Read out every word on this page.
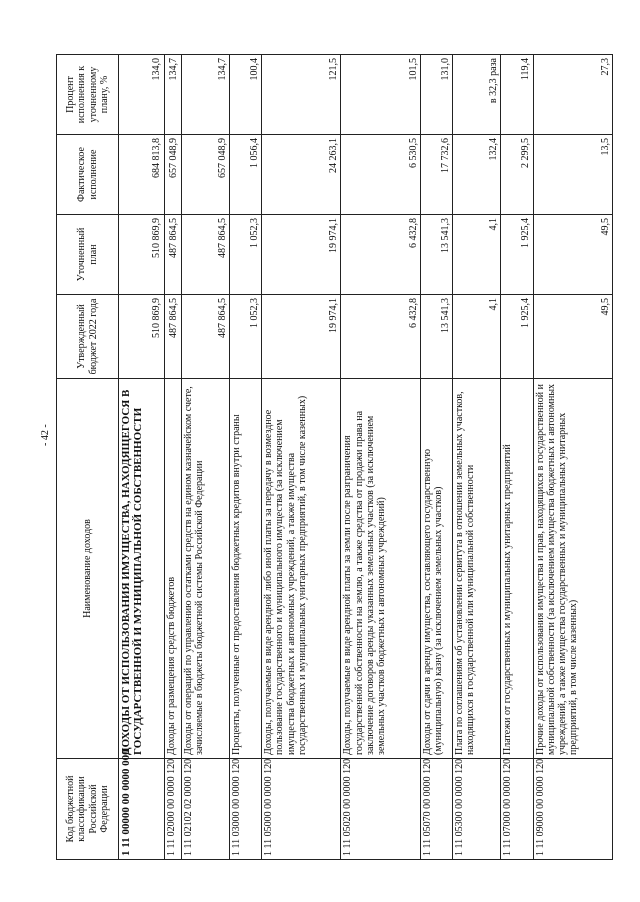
- 42 -
Код бюджетной классификации Российской Федерации	Наименование доходов	Утвержденный бюджет 2022 года	Уточненный план	Фактическое исполнение	Процент исполнения к уточненному плану, %
1 11 00000 00 0000 000	ДОХОДЫ ОТ ИСПОЛЬЗОВАНИЯ ИМУЩЕСТВА, НАХОДЯЩЕГОСЯ В ГОСУДАРСТВЕННОЙ И МУНИЦИПАЛЬНОЙ СОБСТВЕННОСТИ	510 869,9	510 869,9	684 813,8	134,0
1 11 02000 00 0000 120	Доходы от размещения средств бюджетов	487 864,5	487 864,5	657 048,9	134,7
1 11 02102 02 0000 120	Доходы от операций по управлению остатками средств на едином казначейском счете, зачисляемые в бюджеты бюджетной системы Российской Федерации	487 864,5	487 864,5	657 048,9	134,7
1 11 03000 00 0000 120	Проценты, полученные от предоставления бюджетных кредитов внутри страны	1 052,3	1 052,3	1 056,4	100,4
1 11 05000 00 0000 120	Доходы, получаемые в виде арендной либо иной платы за передачу в возмездное пользование государственного и муниципального имущества (за исключением имущества бюджетных и автономных учреждений, а также имущества государственных и муниципальных унитарных предприятий, в том числе казенных)	19 974,1	19 974,1	24 263,1	121,5
1 11 05020 00 0000 120	Доходы, получаемые в виде арендной платы за земли после разграничения государственной собственности на землю, а также средства от продажи права на заключение договоров аренды указанных земельных участков (за исключением земельных участков бюджетных и автономных учреждений)	6 432,8	6 432,8	6 530,5	101,5
1 11 05070 00 0000 120	Доходы от сдачи в аренду имущества, составляющего государственную (муниципальную) казну (за исключением земельных участков)	13 541,3	13 541,3	17 732,6	131,0
1 11 05300 00 0000 120	Плата по соглашениям об установлении сервитута в отношении земельных участков, находящихся в государственной или муниципальной собственности	4,1	4,1	132,4	в 32,3 раза
1 11 07000 00 0000 120	Платежи от государственных и муниципальных унитарных предприятий	1 925,4	1 925,4	2 299,5	119,4
1 11 09000 00 0000 120	Прочие доходы от использования имущества и прав, находящихся в государственной и муниципальной собственности (за исключением имущества бюджетных и автономных учреждений, а также имущества государственных и муниципальных унитарных предприятий, в том числе казенных)	49,5	49,5	13,5	27,3
